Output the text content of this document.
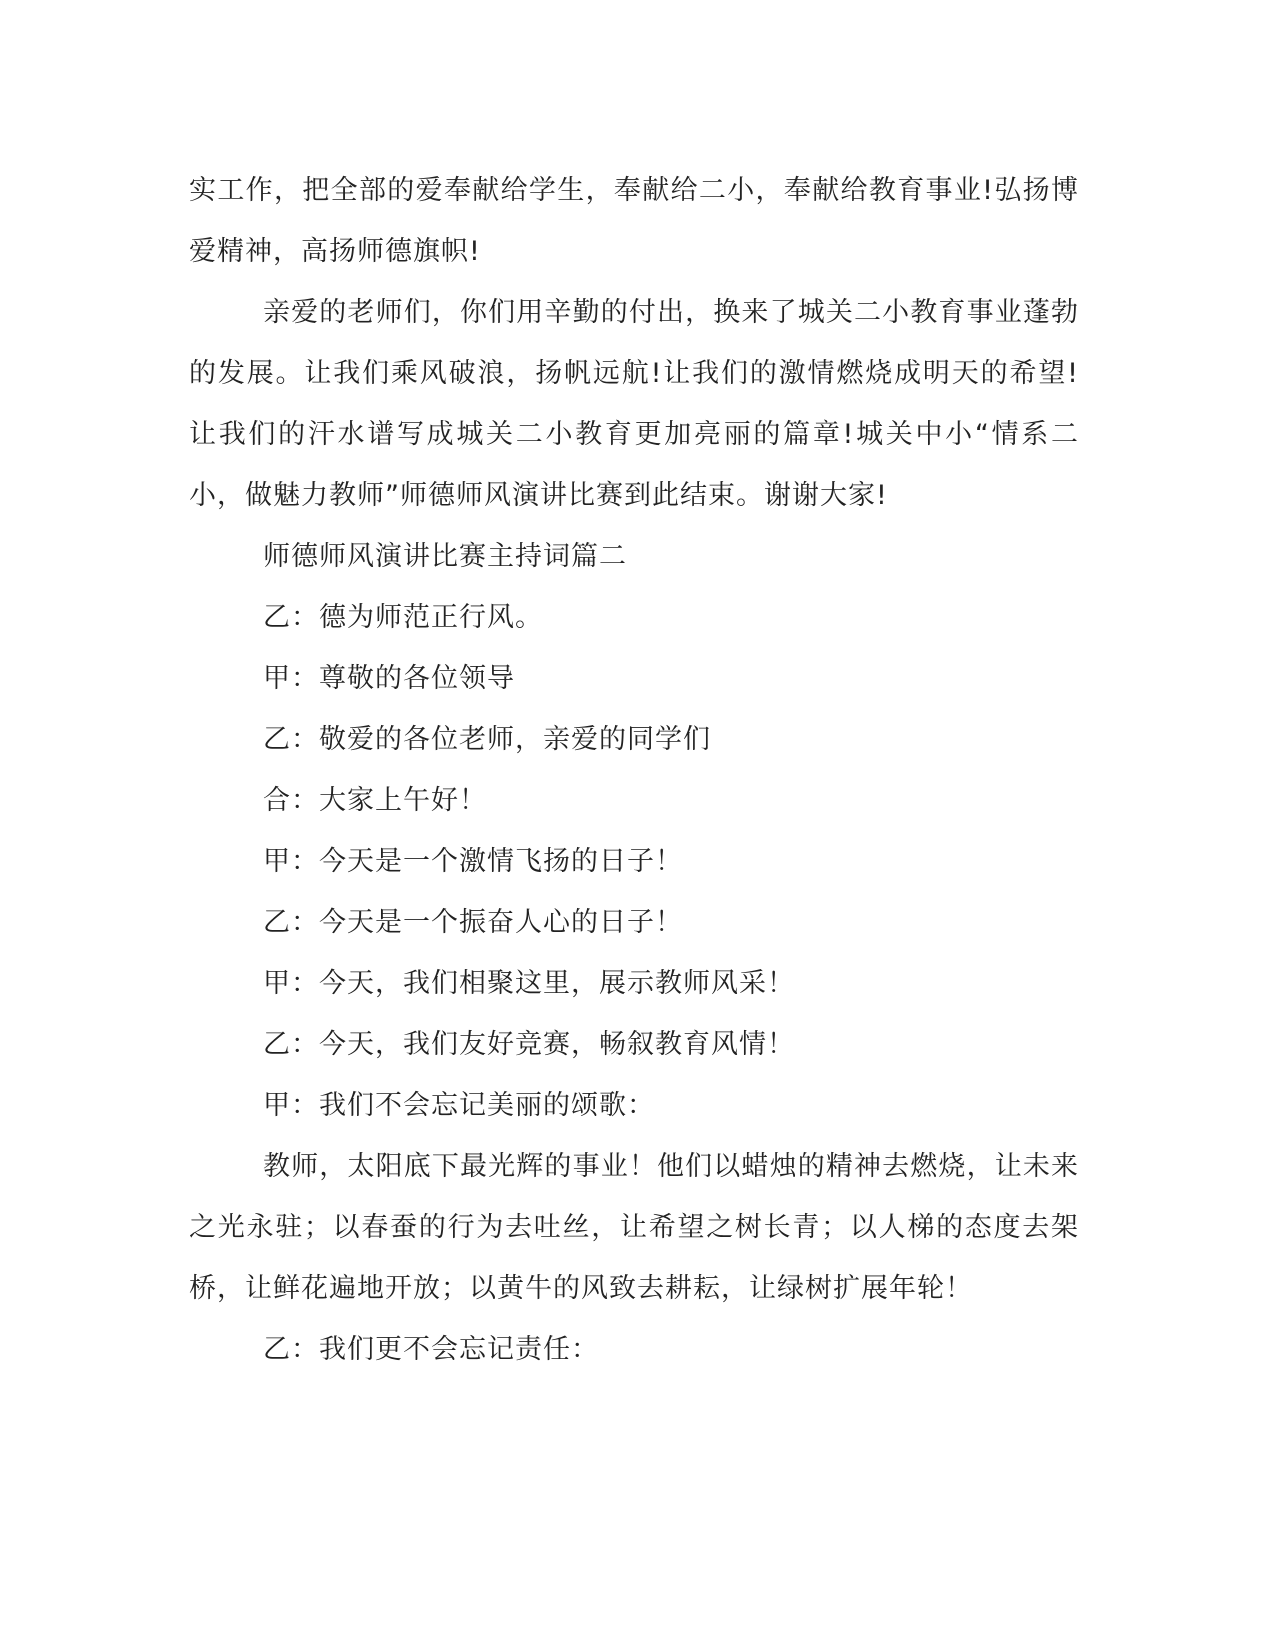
实工作，把全部的爱奉献给学生，奉献给二小，奉献给教育事业!弘扬博爱精神，高扬师德旗帜!

亲爱的老师们，你们用辛勤的付出，换来了城关二小教育事业蓬勃的发展。让我们乘风破浪，扬帆远航!让我们的激情燃烧成明天的希望!让我们的汗水谱写成城关二小教育更加亮丽的篇章!城关中小“情系二小，做魅力教师”师德师风演讲比赛到此结束。谢谢大家!

师德师风演讲比赛主持词篇二

乙：德为师范正行风。

甲：尊敬的各位领导

乙：敬爱的各位老师，亲爱的同学们

合：大家上午好！

甲：今天是一个激情飞扬的日子！

乙：今天是一个振奋人心的日子！

甲：今天，我们相聚这里，展示教师风采！

乙：今天，我们友好竞赛，畅叙教育风情！

甲：我们不会忘记美丽的颂歌：

教师，太阳底下最光辉的事业！他们以蜡烛的精神去燃烧，让未来之光永驻；以春蚕的行为去吐丝，让希望之树长青；以人梯的态度去架桥，让鲜花遍地开放；以黄牛的风致去耕耘，让绿树扩展年轮！

乙：我们更不会忘记责任：
